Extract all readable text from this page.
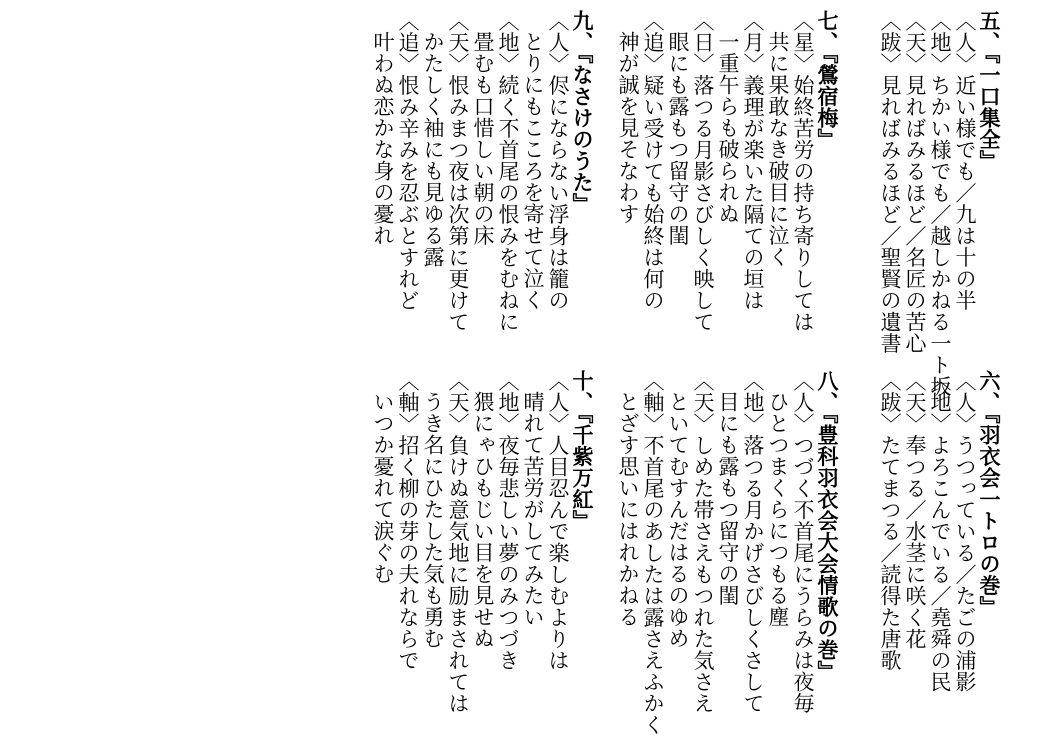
五、『一口集全』
〈人〉近い様でも／九は十の半
〈地〉ちかい様でも／越しかねる一ト坂
〈天〉見ればみるほど／名匠の苦心
〈跋〉見ればみるほど／聖賢の遺書
六、『羽衣会一トロの巻』
〈人〉うつっている／たごの浦影
〈地〉よろこんでいる／堯舜の民
〈天〉奉つる／水茎に咲く花
〈跋〉たてまつる／読得た唐歌
七、『鶯宿梅』
〈星〉始終苦労の持ち寄りしては
共に果敢なき破目に泣く
〈月〉義理が楽いた隔ての垣は
一重午らも破られぬ
〈日〉落つる月影さびしく映して
眼にも露もつ留守の閨
〈追〉疑い受けても始終は何の
神が誠を見そなわす
八、『豊科羽衣会大会情歌の巻』
〈人〉つづく不首尾にうらみは夜毎
ひとつまくらにつもる塵
〈地〉落つる月かげさびしくさして
目にも露もつ留守の閨
〈天〉しめた帯さえもつれた気さえ
といてむすんだはるのゆめ
〈軸〉不首尾のあしたは露さえふかく
とざす思いにはれかねる
九、『なさけのうた』
〈人〉侭にならない浮身は籠の
とりにもこころを寄せて泣く
〈地〉続く不首尾の恨みをむねに
畳むも口惜しい朝の床
〈天〉恨みまつ夜は次第に更けて
かたしく袖にも見ゆる露
〈追〉恨み辛みを忍ぶとすれど
叶わぬ恋かな身の憂れ
十、『千紫万紅』
〈人〉人目忍んで楽しむよりは
晴れて苦労がしてみたい
〈地〉夜毎悲しい夢のみつづき
猥にゃひもじい目を見せぬ
〈天〉負けぬ意気地に励まされては
うき名にひたした気も勇む
〈軸〉招く柳の芽の夫れならで
いつか憂れて涙ぐむ
